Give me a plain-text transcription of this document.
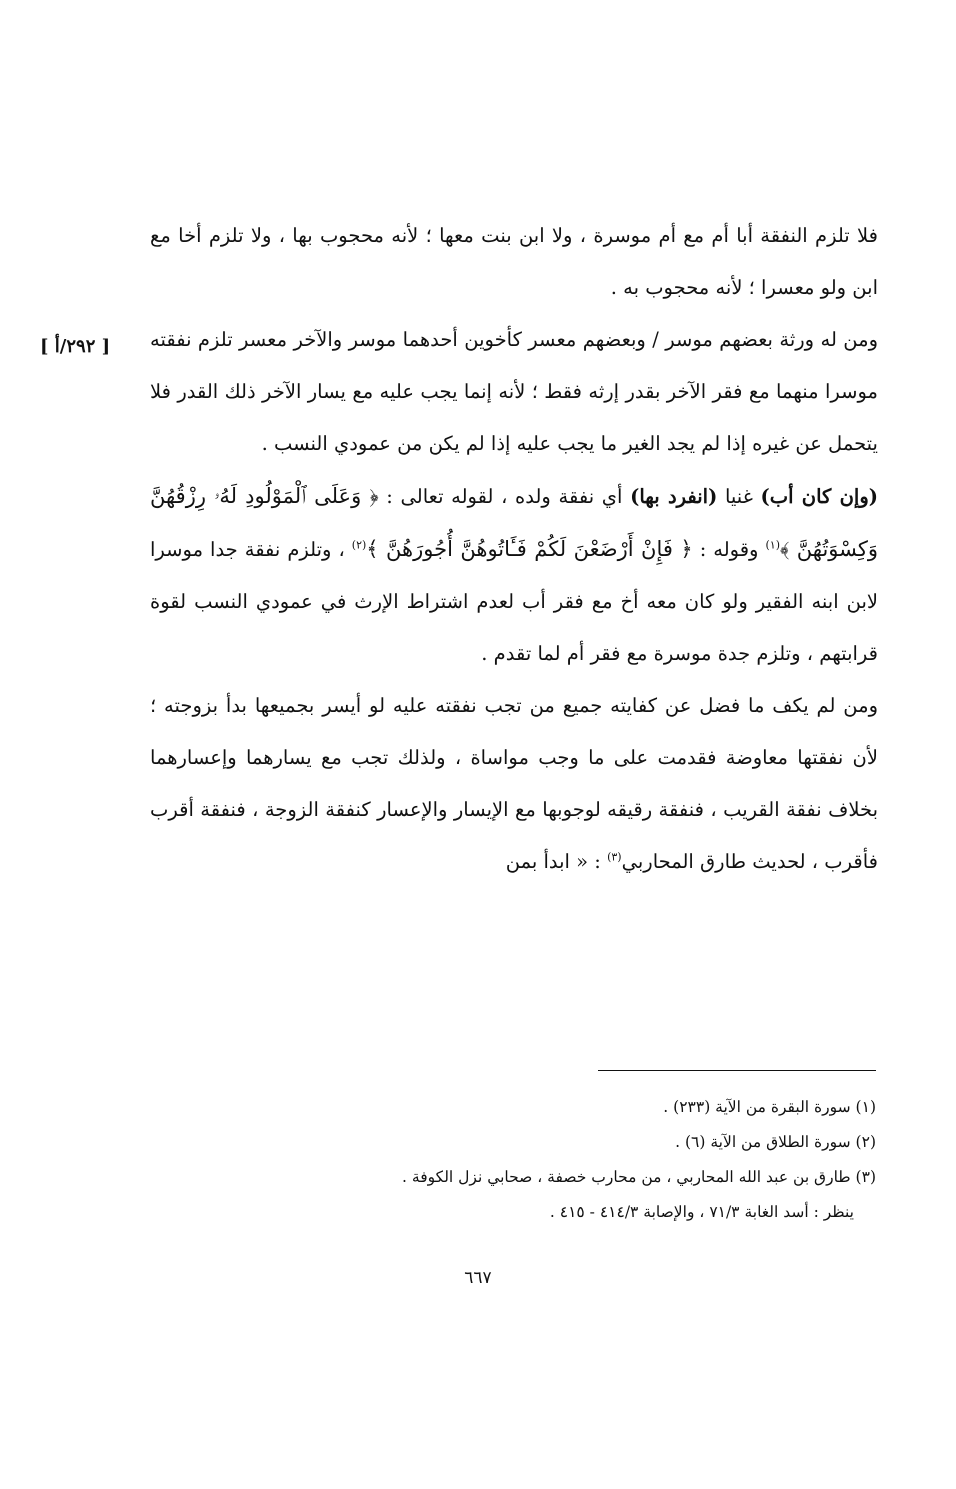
[ ٢٩٢/أ ]

فلا تلزم النفقة أبا أم مع أم موسرة ، ولا ابن بنت معها ؛ لأنه محجوب بها ، ولا تلزم أخا مع ابن ولو معسرا ؛ لأنه محجوب به .

ومن له ورثة بعضهم موسر / وبعضهم معسر كأخوين أحدهما موسر والآخر معسر تلزم نفقته موسرا منهما مع فقر الآخر بقدر إرثه فقط ؛ لأنه إنما يجب عليه مع يسار الآخر ذلك القدر فلا يتحمل عن غيره إذا لم يجد الغير ما يجب عليه إذا لم يكن من عمودي النسب .

(وإن كان أب) غنيا (انفرد بها) أي نفقة ولده ، لقوله تعالى : ﴿ وَعَلَى ٱلْمَوْلُودِ لَهُۥ رِزْقُهُنَّ وَكِسْوَتُهُنَّ ﴾$^{(١)}$ وقوله : ﴿ فَإِنْ أَرْضَعْنَ لَكُمْ فَـَٔاتُوهُنَّ أُجُورَهُنَّ ﴾$^{(٢)}$ ، وتلزم نفقة جدا موسرا لابن ابنه الفقير ولو كان معه أخ مع فقر أب لعدم اشتراط الإرث في عمودي النسب لقوة قرابتهم ، وتلزم جدة موسرة مع فقر أم لما تقدم .

ومن لم يكف ما فضل عن كفايته جميع من تجب نفقته عليه لو أيسر بجميعها بدأ بزوجته ؛ لأن نفقتها معاوضة فقدمت على ما وجب مواساة ، ولذلك تجب مع يسارهما وإعسارهما بخلاف نفقة القريب ، فنفقة رقيقه لوجوبها مع الإيسار والإعسار كنفقة الزوجة ، فنفقة أقرب فأقرب ، لحديث طارق المحاربي$^{(٣)}$ : « ابدأ بمن

(١) سورة البقرة من الآية (٢٣٣) .

(٢) سورة الطلاق من الآية (٦) .

(٣) طارق بن عبد الله المحاربي ، من محارب خصفة ، صحابي نزل الكوفة .

ينظر : أسد الغابة ٧١/٣ ، والإصابة ٤١٤/٣ - ٤١٥ .

٦٦٧
